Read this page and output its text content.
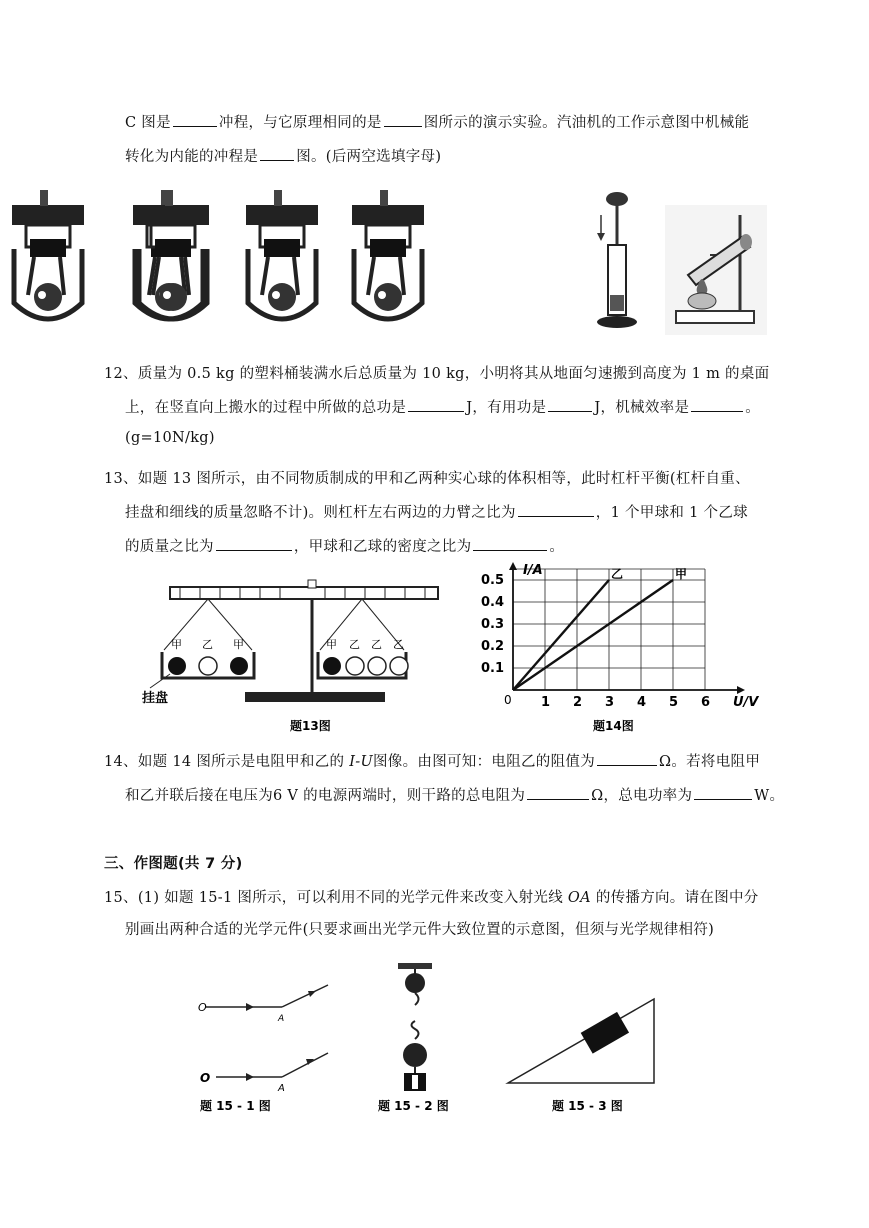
C 图是	冲程，与它原理相同的是	图所示的演示实验。汽油机的工作示意图中机械能
转化为内能的冲程是	图。(后两空选填字母)
12、质量为 0.5 kg 的塑料桶装满水后总质量为 10 kg，小明将其从地面匀速搬到高度为 1 m 的桌面
上，在竖直向上搬水的过程中所做的总功是	J，有用功是	J，机械效率是	。
(g=10N/kg)
13、如题 13 图所示，由不同物质制成的甲和乙两种实心球的体积相等，此时杠杆平衡(杠杆自重、
挂盘和细线的质量忽略不计)。则杠杆左右两边的力臂之比为	，1 个甲球和 1 个乙球
的质量之比为	，甲球和乙球的密度之比为	。
甲 乙 甲	甲 乙 乙 乙
挂盘
题13图
1 2 3 4 5 6
0.5
0.4
0.3
0.2
0.1
乙	甲
I/A
U/V
0
题14图
14、如题 14 图所示是电阻甲和乙的 I-U图像。由图可知：电阻乙的阻值为	Ω。若将电阻甲
和乙并联后接在电压为6 V 的电源两端时，则干路的总电阻为	Ω，总电功率为	W。
三、作图题(共 7 分)
15、(1) 如题 15-1 图所示，可以利用不同的光学元件来改变入射光线 OA 的传播方向。请在图中分
别画出两种合适的光学元件(只要求画出光学元件大致位置的示意图，但须与光学规律相符)
O
A
O
A
题 15 - 1 图	题 15 - 2 图	题 15 - 3 图
